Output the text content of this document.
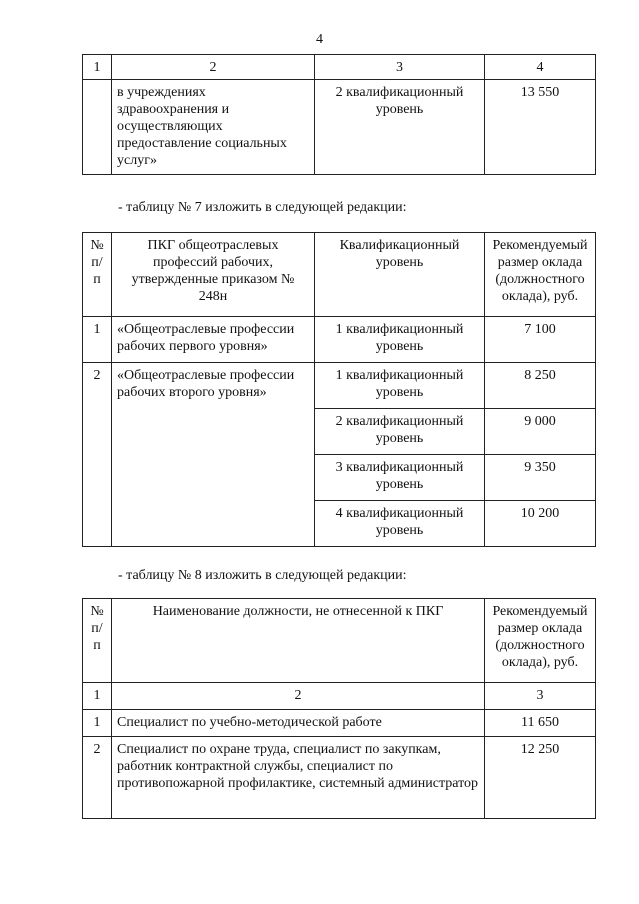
4
1	2	3	4
	в учреждениях здравоохранения и осуществляющих предоставление социальных услуг»	2 квалификационный уровень	13 550
- таблицу № 7 изложить в следующей редакции:
№ п/п	ПКГ общеотраслевых профессий рабочих, утвержденные приказом № 248н	Квалификационный уровень	Рекомендуемый размер оклада (должностного оклада), руб.
1	«Общеотраслевые профессии рабочих первого уровня»	1 квалификационный уровень	7 100
2	«Общеотраслевые профессии рабочих второго уровня»	1 квалификационный уровень	8 250
		2 квалификационный уровень	9 000
		3 квалификационный уровень	9 350
		4 квалификационный уровень	10 200
- таблицу № 8 изложить в следующей редакции:
№ п/п	Наименование должности, не отнесенной к ПКГ	Рекомендуемый размер оклада (должностного оклада), руб.
1	2	3
1	Специалист по учебно-методической работе	11 650
2	Специалист по охране труда, специалист по закупкам, работник контрактной службы, специалист по противопожарной профилактике, системный администратор	12 250
